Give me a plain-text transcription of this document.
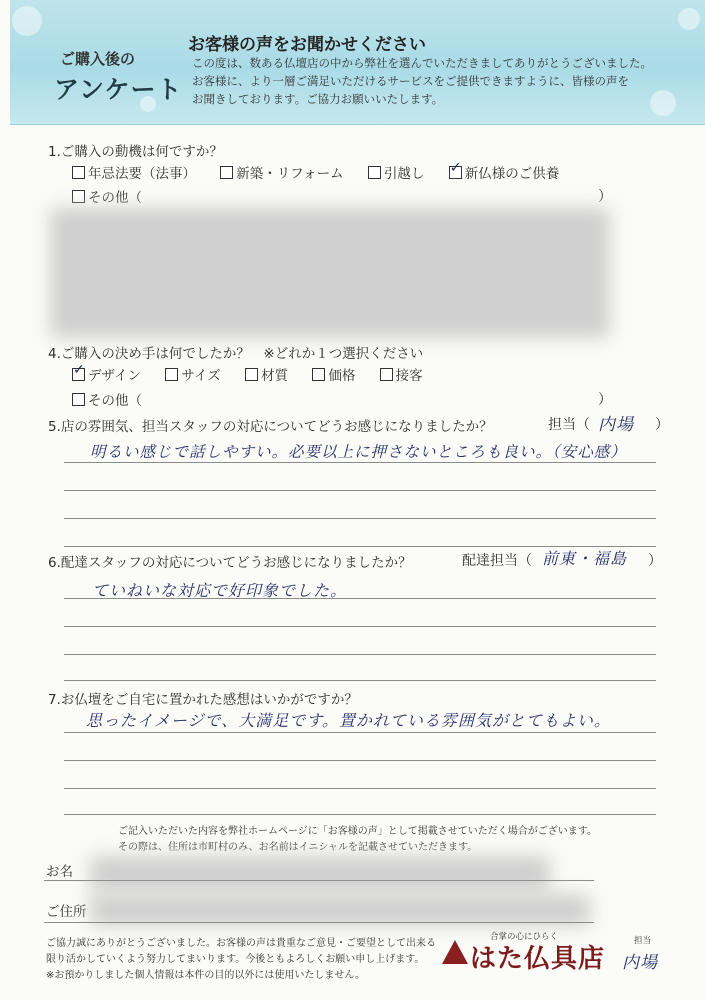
ご購入後の
アンケート
お客様の声をお聞かせください
この度は、数ある仏壇店の中から弊社を選んでいただきましてありがとうございました。
お客様に、より一層ご満足いただけるサービスをご提供できますように、皆様の声を
お聞きしております。ご協力お願いいたします。
1.ご購入の動機は何ですか？
年忌法要（法事）	新築・リフォーム	引越し ✓	新仏様のご供養
その他（	）
4.ご購入の決め手は何でしたか？　※どれか１つ選択ください
✓デザイン	サイズ	材質	価格	接客
その他（	）
5.店の雰囲気、担当スタッフの対応についてどうお感じになりましたか？	担当（ 内場 ）
明るい感じで話しやすい。必要以上に押さないところも良い。（安心感）
6.配達スタッフの対応についてどうお感じになりましたか？	配達担当（ 前東・福島 ）
ていねいな対応で好印象でした。
7.お仏壇をご自宅に置かれた感想はいかがですか？
思ったイメージで、大満足です。置かれている雰囲気がとてもよい。
ご記入いただいた内容を弊社ホームページに「お客様の声」として掲載させていただく場合がございます。
その際は、住所は市町村のみ、お名前はイニシャルを記載させていただきます。
お名
ご住所
ご協力誠にありがとうございました。お客様の声は貴重なご意見・ご要望として出来る
限り活かしていくよう努力してまいります。今後ともよろしくお願い申し上げます。
※お預かりしました個人情報は本件の目的以外には使用いたしません。
合掌の心にひらく
はた仏具店
担当
内場
